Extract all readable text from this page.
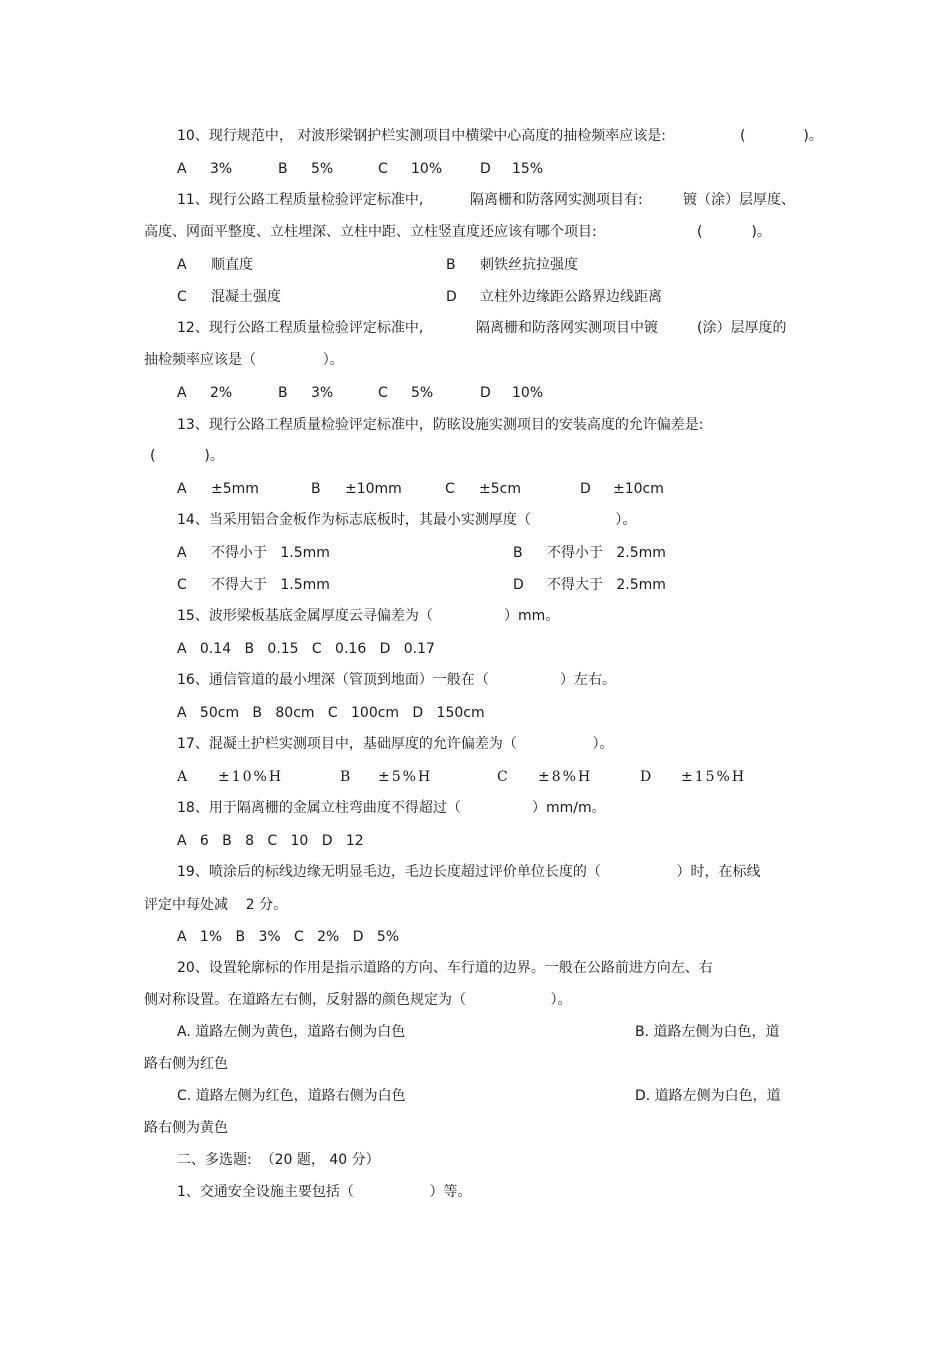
10、现行规范中， 对波形梁钢护栏实测项目中横梁中心高度的抽检频率应该是:	(             )。
A 3%	B 5%	C 10%	D 15%
11、现行公路工程质量检验评定标准中,	隔离栅和防落网实测项目有:	镀（涂）层厚度、
高度、网面平整度、立柱埋深、立柱中距、立柱竖直度还应该有哪个项目:	(           )。
A 顺直度	B 刺铁丝抗拉强度
C 混凝土强度	D 立柱外边缘距公路界边线距离
12、现行公路工程质量检验评定标准中,	隔离栅和防落网实测项目中镀	(涂）层厚度的
抽检频率应该是（               ）。
A 2%	B 3%	C 5%	D 10%
13、现行公路工程质量检验评定标准中，防眩设施实测项目的安装高度的允许偏差是:
(           )。
A ±5mm	B ±10mm	C ±5cm	D ±10cm
14、当采用铝合金板作为标志底板时，其最小实测厚度（                   ）。
A 不得小于   1.5mm	B 不得小于   2.5mm
C 不得大于   1.5mm	D 不得大于   2.5mm
15、波形梁板基底金属厚度云寻偏差为（                ）mm。
A   0.14   B   0.15   C   0.16   D   0.17
16、通信管道的最小埋深（管顶到地面）一般在（                ）左右。
A   50cm   B   80cm   C   100cm   D   150cm
17、混凝土护栏实测项目中，基础厚度的允许偏差为（                 ）。
A ±10%H	B ±5%H	C ±8%H	D ±15%H
18、用于隔离栅的金属立柱弯曲度不得超过（                ）mm/m。
A   6   B   8   C   10   D   12
19、喷涂后的标线边缘无明显毛边，毛边长度超过评价单位长度的（                 ）时，在标线
评定中每处减    2 分。
A   1%   B   3%   C   2%   D   5%
20、设置轮廓标的作用是指示道路的方向、车行道的边界。一般在公路前进方向左、右
侧对称设置。在道路左右侧，反射器的颜色规定为（                   ）。
A. 道路左侧为黄色，道路右侧为白色	B. 道路左侧为白色，道
路右侧为红色
C. 道路左侧为红色，道路右侧为白色	D. 道路左侧为白色，道
路右侧为黄色
二、多选题:  （20 题， 40 分）
1、交通安全设施主要包括（                 ）等。
